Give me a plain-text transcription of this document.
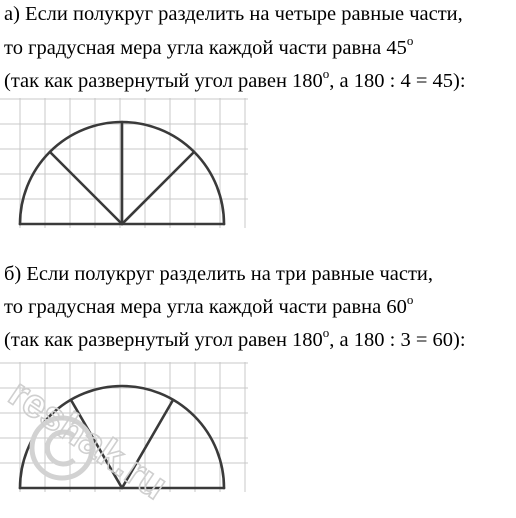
а) Если полукруг разделить на четыре равные части,
то градусная мера угла каждой части равна 45$^o$
(так как развернутый угол равен 180$^o$, а 180 : 4 = 45):
б) Если полукруг разделить на три равные части,
то градусная мера угла каждой части равна 60$^o$
(так как развернутый угол равен 180$^o$, а 180 : 3 = 60):
reshak.ru
